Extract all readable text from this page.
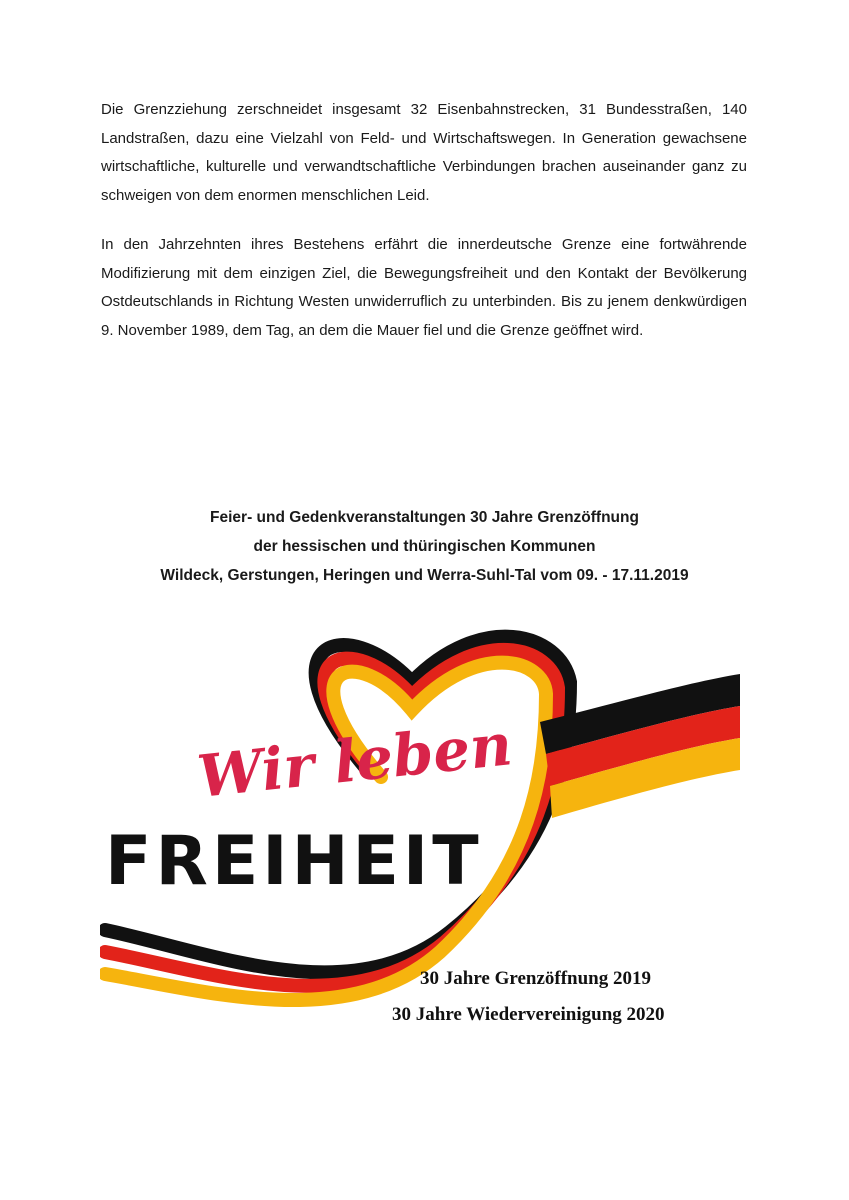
Die Grenzziehung zerschneidet insgesamt 32 Eisenbahnstrecken, 31 Bundesstraßen, 140 Landstraßen, dazu eine Vielzahl von Feld- und Wirtschaftswegen. In Generation gewachsene wirtschaftliche, kulturelle und verwandtschaftliche Verbindungen brachen auseinander ganz zu schweigen von dem enormen menschlichen Leid.

In den Jahrzehnten ihres Bestehens erfährt die innerdeutsche Grenze eine fortwährende Modifizierung mit dem einzigen Ziel, die Bewegungsfreiheit und den Kontakt der Bevölkerung Ostdeutschlands in Richtung Westen unwiderruflich zu unterbinden. Bis zu jenem denkwürdigen 9. November 1989, dem Tag, an dem die Mauer fiel und die Grenze geöffnet wird.

Feier- und Gedenkveranstaltungen 30 Jahre Grenzöffnung
der hessischen und thüringischen Kommunen
Wildeck, Gerstungen, Heringen und Werra-Suhl-Tal vom 09. - 17.11.2019
Wir leben
FREIHEIT
30 Jahre Grenzöffnung 2019
30 Jahre Wiedervereinigung 2020
